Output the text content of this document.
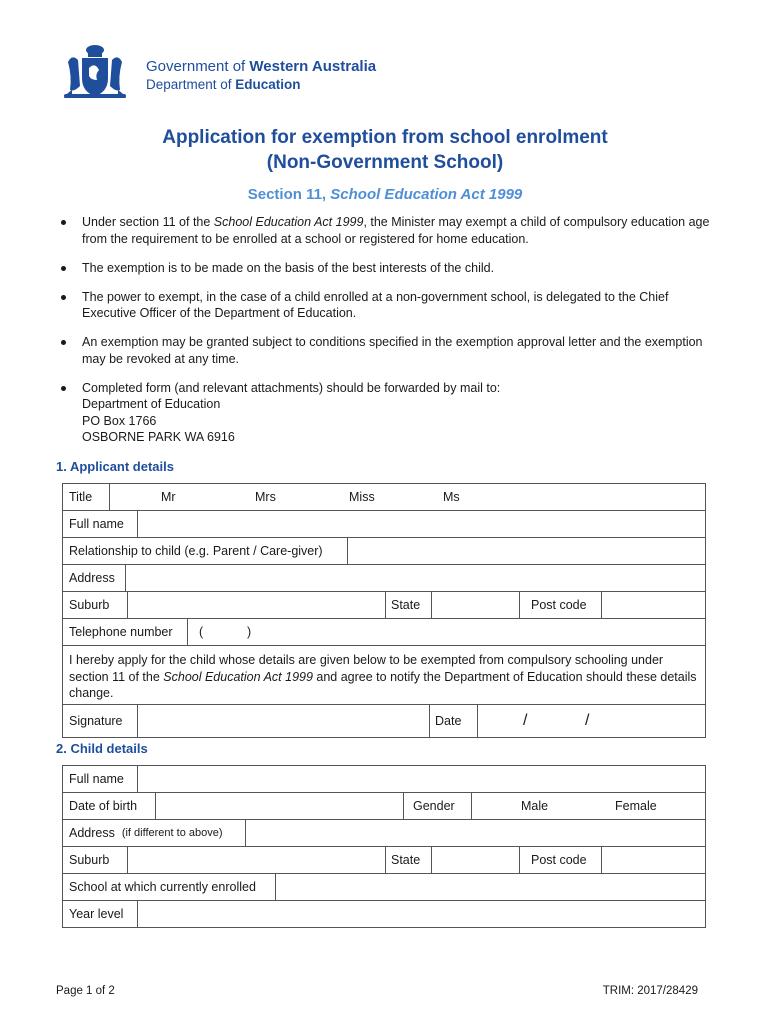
Government of Western Australia
Department of Education
Application for exemption from school enrolment
(Non-Government School)
Section 11, School Education Act 1999
Under section 11 of the School Education Act 1999, the Minister may exempt a child of compulsory education age from the requirement to be enrolled at a school or registered for home education.
The exemption is to be made on the basis of the best interests of the child.
The power to exempt, in the case of a child enrolled at a non-government school, is delegated to the Chief Executive Officer of the Department of Education.
An exemption may be granted subject to conditions specified in the exemption approval letter and the exemption may be revoked at any time.
Completed form (and relevant attachments) should be forwarded by mail to:
Department of Education
PO Box 1766
OSBORNE PARK WA 6916
1. Applicant details
Title	Mr	Mrs	Miss	Ms
Full name
Relationship to child (e.g. Parent / Care-giver)
Address
Suburb	State	Post code
Telephone number	(	)
I hereby apply for the child whose details are given below to be exempted from compulsory schooling under section 11 of the School Education Act 1999 and agree to notify the Department of Education should these details change.
Signature	Date	/	/
2. Child details
Full name
Date of birth	Gender	Male	Female
Address
(if different to above)
Suburb	State	Post code
School at which currently enrolled
Year level
Page 1 of 2	TRIM: 2017/28429
